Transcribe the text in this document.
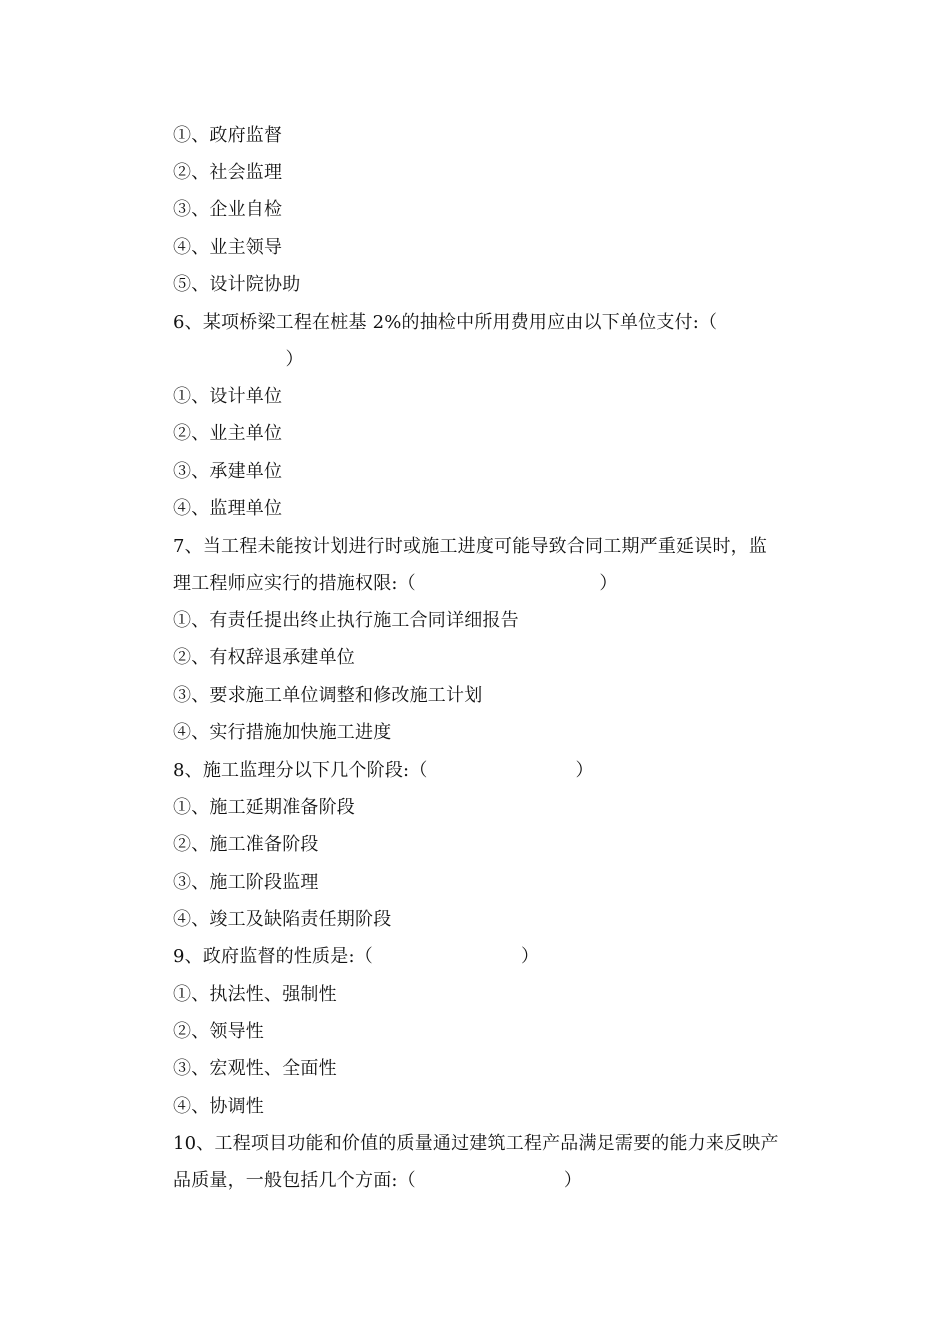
①、政府监督
②、社会监理
③、企业自检
④、业主领导
⑤、设计院协助
6、某项桥梁工程在桩基 2%的抽检中所用费用应由以下单位支付:（
）
①、设计单位
②、业主单位
③、承建单位
④、监理单位
7、当工程未能按计划进行时或施工进度可能导致合同工期严重延误时，监
理工程师应实行的措施权限:（                               ）
①、有责任提出终止执行施工合同详细报告
②、有权辞退承建单位
③、要求施工单位调整和修改施工计划
④、实行措施加快施工进度
8、施工监理分以下几个阶段:（                         ）
①、施工延期准备阶段
②、施工准备阶段
③、施工阶段监理
④、竣工及缺陷责任期阶段
9、政府监督的性质是:（                         ）
①、执法性、强制性
②、领导性
③、宏观性、全面性
④、协调性
10、工程项目功能和价值的质量通过建筑工程产品满足需要的能力来反映产
品质量，一般包括几个方面:（                         ）
